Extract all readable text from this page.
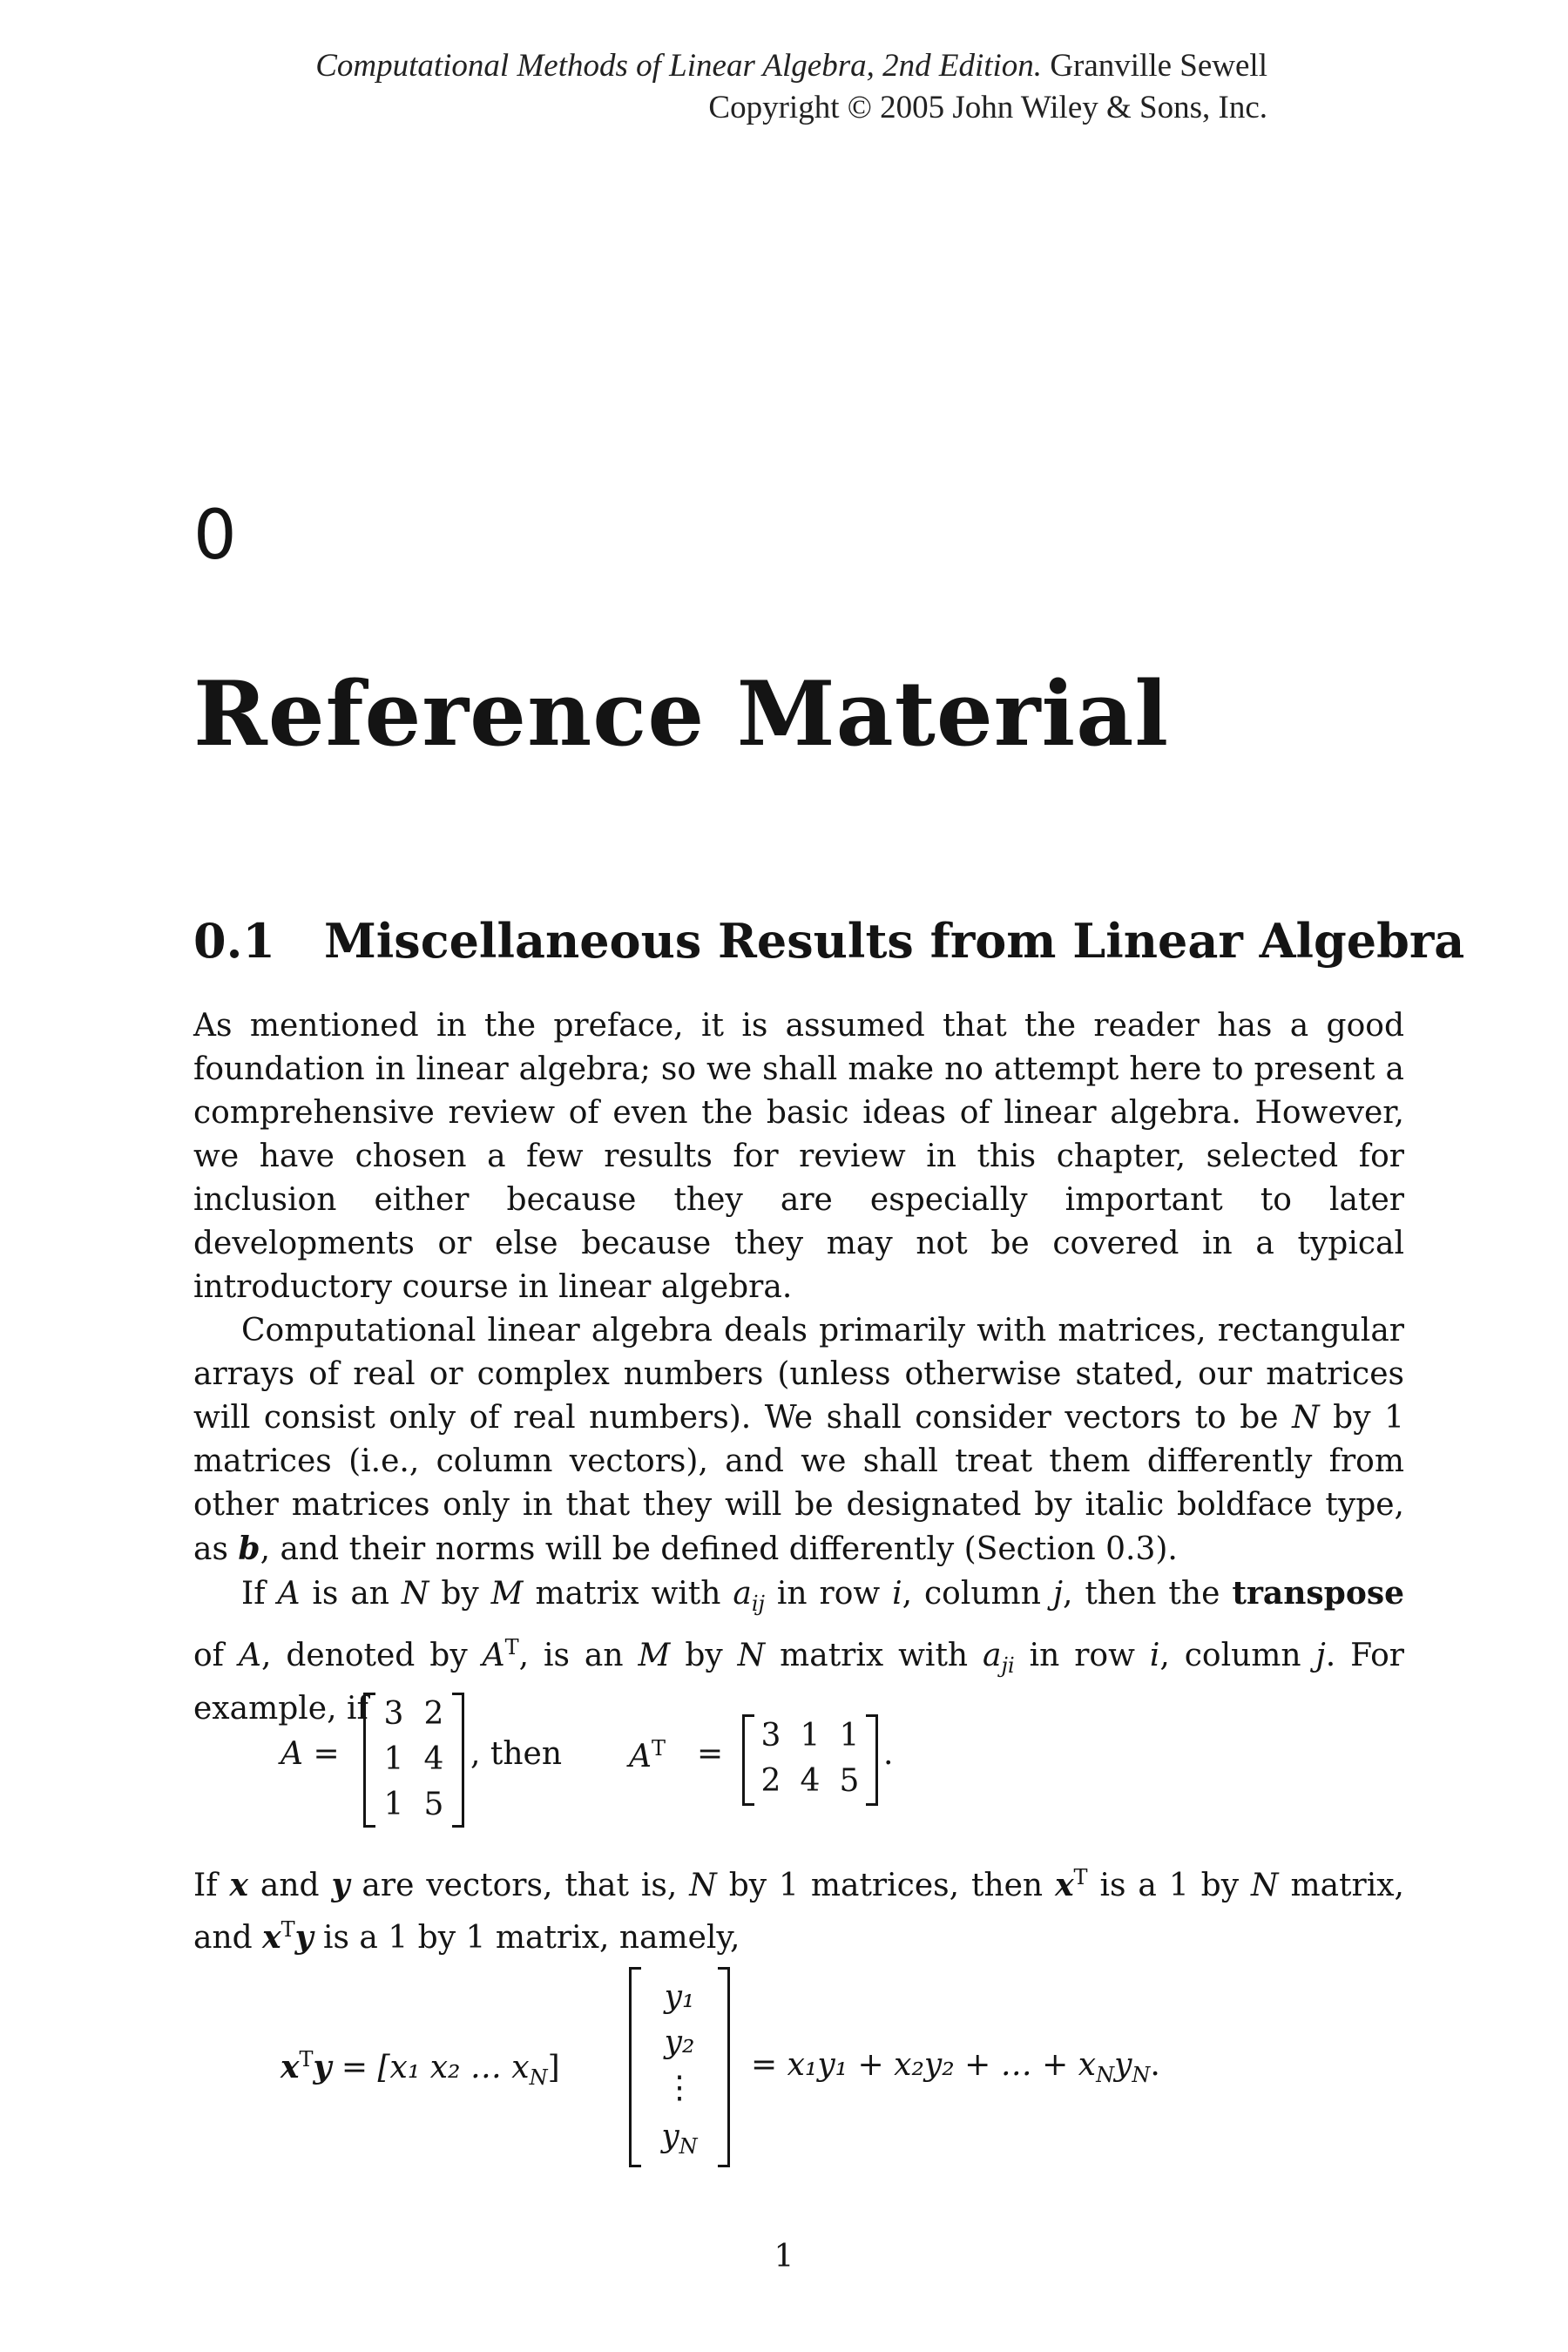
Computational Methods of Linear Algebra, 2nd Edition. Granville Sewell
Copyright © 2005 John Wiley & Sons, Inc.
0
Reference Material
0.1 Miscellaneous Results from Linear Algebra

As mentioned in the preface, it is assumed that the reader has a good foundation in linear algebra; so we shall make no attempt here to present a comprehensive review of even the basic ideas of linear algebra. However, we have chosen a few results for review in this chapter, selected for inclusion either because they are especially important to later developments or else because they may not be covered in a typical introductory course in linear algebra.

Computational linear algebra deals primarily with matrices, rectangular arrays of real or complex numbers (unless otherwise stated, our matrices will consist only of real numbers). We shall consider vectors to be N by 1 matrices (i.e., column vectors), and we shall treat them differently from other matrices only in that they will be designated by italic boldface type, as b, and their norms will be defined differently (Section 0.3).

If A is an N by M matrix with $a_{ij}$ in row i, column j, then the transpose of A, denoted by $A^T$, is an M by N matrix with $a_{ji}$ in row i, column j. For example, if

A =
3 2
1 4
1 5
, then $A^T$ =
3 1 1
2 4 5
.
If x and y are vectors, that is, N by 1 matrices, then $x^T$ is a 1 by N matrix, and $x^Ty$ is a 1 by 1 matrix, namely,
$x^Ty = [x_1$ x₂ … $x_N$]
y₁
y₂
⋮
$y_N$
= x₁y₁ + x₂y₂ + … + $x_Ny_N$.
1
